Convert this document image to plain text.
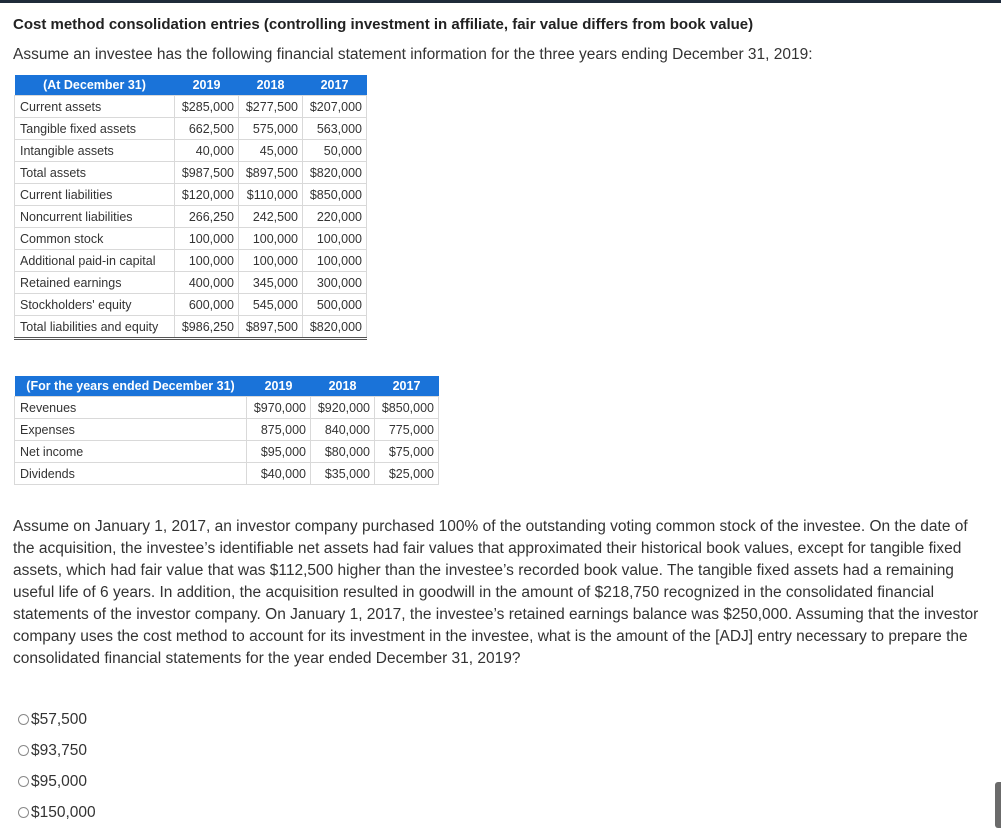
Cost method consolidation entries (controlling investment in affiliate, fair value differs from book value)
Assume an investee has the following financial statement information for the three years ending December 31, 2019:
(At December 31)	2019	2018	2017
Current assets	$285,000	$277,500	$207,000
Tangible fixed assets	662,500	575,000	563,000
Intangible assets	40,000	45,000	50,000
Total assets	$987,500	$897,500	$820,000
Current liabilities	$120,000	$110,000	$850,000
Noncurrent liabilities	266,250	242,500	220,000
Common stock	100,000	100,000	100,000
Additional paid-in capital	100,000	100,000	100,000
Retained earnings	400,000	345,000	300,000
Stockholders' equity	600,000	545,000	500,000
Total liabilities and equity	$986,250	$897,500	$820,000
(For the years ended December 31)	2019	2018	2017
Revenues	$970,000	$920,000	$850,000
Expenses	875,000	840,000	775,000
Net income	$95,000	$80,000	$75,000
Dividends	$40,000	$35,000	$25,000
Assume on January 1, 2017, an investor company purchased 100% of the outstanding voting common stock of the investee. On the date of the acquisition, the investee’s identifiable net assets had fair values that approximated their historical book values, except for tangible fixed assets, which had fair value that was $112,500 higher than the investee’s recorded book value. The tangible fixed assets had a remaining useful life of 6 years. In addition, the acquisition resulted in goodwill in the amount of $218,750 recognized in the consolidated financial statements of the investor company. On January 1, 2017, the investee’s retained earnings balance was $250,000. Assuming that the investor company uses the cost method to account for its investment in the investee, what is the amount of the [ADJ] entry necessary to prepare the consolidated financial statements for the year ended December 31, 2019?
$57,500
$93,750
$95,000
$150,000
